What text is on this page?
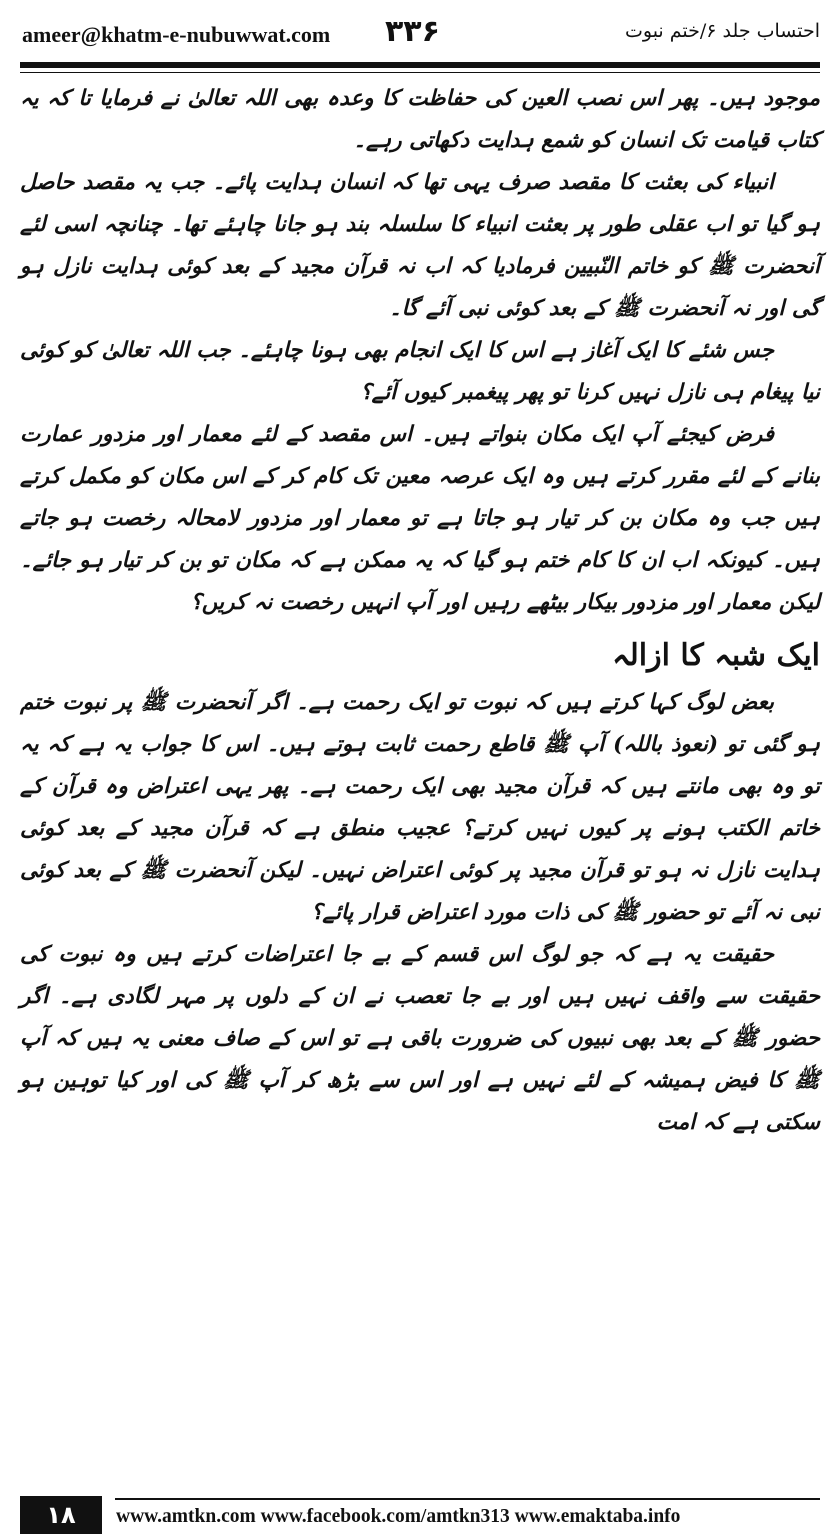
ameer@khatm-e-nubuwwat.com ۳۳۶	احتساب جلد ۶/ختم نبوت

موجود ہیں۔ پھر اس نصب العین کی حفاظت کا وعدہ بھی اللہ تعالیٰ نے فرمایا تا کہ یہ کتاب قیامت تک انسان کو شمع ہدایت دکھاتی رہے۔

انبیاء کی بعثت کا مقصد صرف یہی تھا کہ انسان ہدایت پائے۔ جب یہ مقصد حاصل ہو گیا تو اب عقلی طور پر بعثت انبیاء کا سلسلہ بند ہو جانا چاہئے تھا۔ چنانچہ اسی لئے آنحضرت ﷺ کو خاتم النّبیین فرمادیا کہ اب نہ قرآن مجید کے بعد کوئی ہدایت نازل ہو گی اور نہ آنحضرت ﷺ کے بعد کوئی نبی آئے گا۔

جس شئے کا ایک آغاز ہے اس کا ایک انجام بھی ہونا چاہئے۔ جب اللہ تعالیٰ کو کوئی نیا پیغام ہی نازل نہیں کرنا تو پھر پیغمبر کیوں آئے؟

فرض کیجئے آپ ایک مکان بنواتے ہیں۔ اس مقصد کے لئے معمار اور مزدور عمارت بنانے کے لئے مقرر کرتے ہیں وہ ایک عرصہ معین تک کام کر کے اس مکان کو مکمل کرتے ہیں جب وہ مکان بن کر تیار ہو جاتا ہے تو معمار اور مزدور لامحالہ رخصت ہو جاتے ہیں۔ کیونکہ اب ان کا کام ختم ہو گیا کہ یہ ممکن ہے کہ مکان تو بن کر تیار ہو جائے۔ لیکن معمار اور مزدور بیکار بیٹھے رہیں اور آپ انہیں رخصت نہ کریں؟

ایک شبہ کا ازالہ

بعض لوگ کہا کرتے ہیں کہ نبوت تو ایک رحمت ہے۔ اگر آنحضرت ﷺ پر نبوت ختم ہو گئی تو (نعوذ باللہ) آپ ﷺ قاطع رحمت ثابت ہوتے ہیں۔ اس کا جواب یہ ہے کہ یہ تو وہ بھی مانتے ہیں کہ قرآن مجید بھی ایک رحمت ہے۔ پھر یہی اعتراض وہ قرآن کے خاتم الکتب ہونے پر کیوں نہیں کرتے؟ عجیب منطق ہے کہ قرآن مجید کے بعد کوئی ہدایت نازل نہ ہو تو قرآن مجید پر کوئی اعتراض نہیں۔ لیکن آنحضرت ﷺ کے بعد کوئی نبی نہ آئے تو حضور ﷺ کی ذات مورد اعتراض قرار پائے؟

حقیقت یہ ہے کہ جو لوگ اس قسم کے بے جا اعتراضات کرتے ہیں وہ نبوت کی حقیقت سے واقف نہیں ہیں اور بے جا تعصب نے ان کے دلوں پر مہر لگادی ہے۔ اگر حضور ﷺ کے بعد بھی نبیوں کی ضرورت باقی ہے تو اس کے صاف معنی یہ ہیں کہ آپ ﷺ کا فیض ہمیشہ کے لئے نہیں ہے اور اس سے بڑھ کر آپ ﷺ کی اور کیا توہین ہو سکتی ہے کہ امت

۱۸	www.amtkn.com www.facebook.com/amtkn313 www.emaktaba.info
